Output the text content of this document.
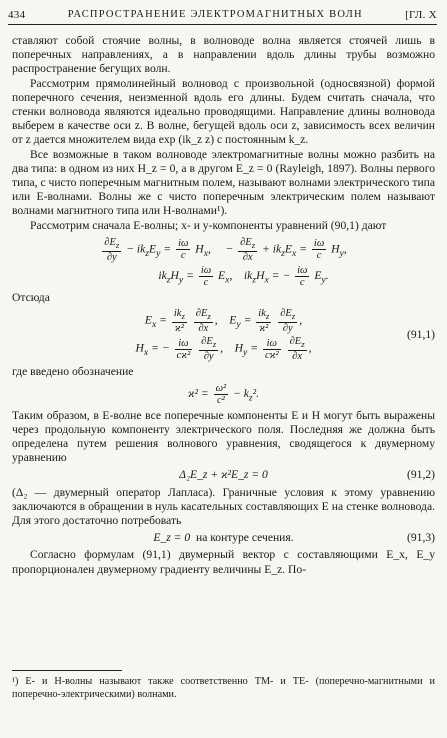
434	РАСПРОСТРАНЕНИЕ ЭЛЕКТРОМАГНИТНЫХ ВОЛН	[ГЛ. X

ставляют собой стоячие волны, в волноводе волна является стоячей лишь в поперечных направлениях, а в направлении вдоль длины трубы возможно распространение бегущих волн.

Рассмотрим прямолинейный волновод с произвольной (односвязной) формой поперечного сечения, неизменной вдоль его длины. Будем считать сначала, что стенки волновода являются идеально проводящими. Направление длины волновода выберем в качестве оси z. В волне, бегущей вдоль оси z, зависимость всех величин от z дается множителем вида exp (ik_z z) с постоянным k_z.

Все возможные в таком волноводе электромагнитные волны можно разбить на два типа: в одном из них H_z = 0, а в другом E_z = 0 (Rayleigh, 1897). Волны первого типа, с чисто поперечным магнитным полем, называют волнами электрического типа или E-волнами. Волны же с чисто поперечным электрическим полем называют волнами магнитного типа или H-волнами¹).

Рассмотрим сначала E-волны; x- и y-компоненты уравнений (90,1) дают

$\frac{\partial E_z}{\partial y} - ik_zE_y = \frac{i\omega}{c} H_x$,     − $\frac{\partial E_z}{\partial x} + ik_zE_x = \frac{i\omega}{c} H_y$,
$ik_zH_y = \frac{i\omega}{c} E_x$,    $ik_zH_x$ = − $\frac{i\omega}{c} E_y$.

Отсюда

$E_x = \frac{ik_z}{\text{ϰ²}}$
$\frac{\partial E_z}{\partial x}$ ,    $E_y = \frac{ik_z}{\text{ϰ²}}$
$\frac{\partial E_z}{\partial y}$ ,
$H_x$ = − $\frac{i\omega}{\text{cϰ²}}$
$\frac{\partial E_z}{\partial y}$ ,    $H_y = \frac{i\omega}{\text{cϰ²}}$
$\frac{\partial E_z}{\partial x}$ ,
(91,1)

где введено обозначение

$ϰ^2 = \frac{\text{ω²}}{\text{c²}} - k_z^2$.

Таким образом, в E-волне все поперечные компоненты E и H могут быть выражены через продольную компоненту электрического поля. Последняя же должна быть определена путем решения волнового уравнения, сводящегося к двумерному уравнению

Δ₂E_z + ϰ²E_z = 0	(91,2)

(Δ₂ — двумерный оператор Лапласа). Граничные условия к этому уравнению заключаются в обращении в нуль касательных составляющих E на стенке волновода. Для этого достаточно потребовать

E_z = 0 на контуре сечения.	(91,3)

Согласно формулам (91,1) двумерный вектор с составляющими E_x, E_y пропорционален двумерному градиенту величины E_z. По-

¹) E- и H-волны называют также соответственно TM- и TE- (поперечно-магнитными и поперечно-электрическими) волнами.
